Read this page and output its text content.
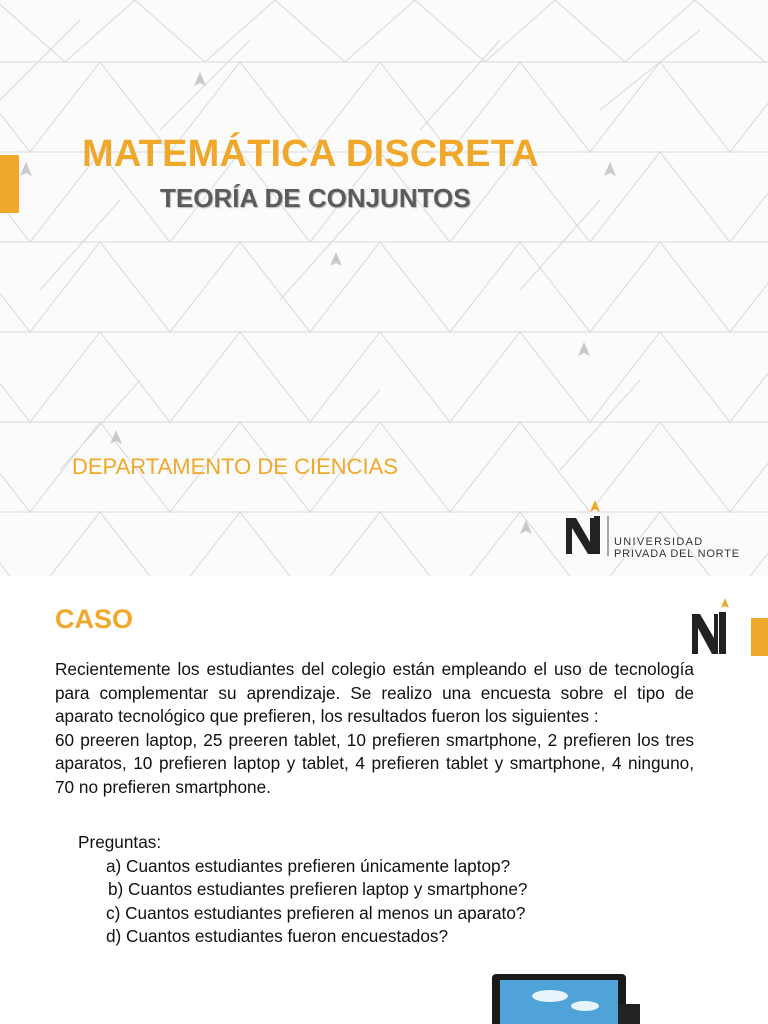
MATEMÁTICA DISCRETA
TEORÍA DE CONJUNTOS
DEPARTAMENTO DE CIENCIAS
UNIVERSIDAD
PRIVADA DEL NORTE
CASO

Recientemente los estudiantes del colegio están empleando el uso de tecnología para complementar su aprendizaje. Se realizo una encuesta sobre el tipo de aparato tecnológico que prefieren, los resultados fueron los siguientes :

60 preeren laptop, 25 preeren tablet, 10 prefieren smartphone, 2 prefieren los tres aparatos, 10 prefieren laptop y tablet, 4 prefieren tablet y smartphone, 4 ninguno, 70 no prefieren smartphone.

Preguntas:
a) Cuantos estudiantes prefieren únicamente laptop?
b) Cuantos estudiantes prefieren laptop y smartphone?
c) Cuantos estudiantes prefieren al menos un aparato?
d) Cuantos estudiantes fueron encuestados?
